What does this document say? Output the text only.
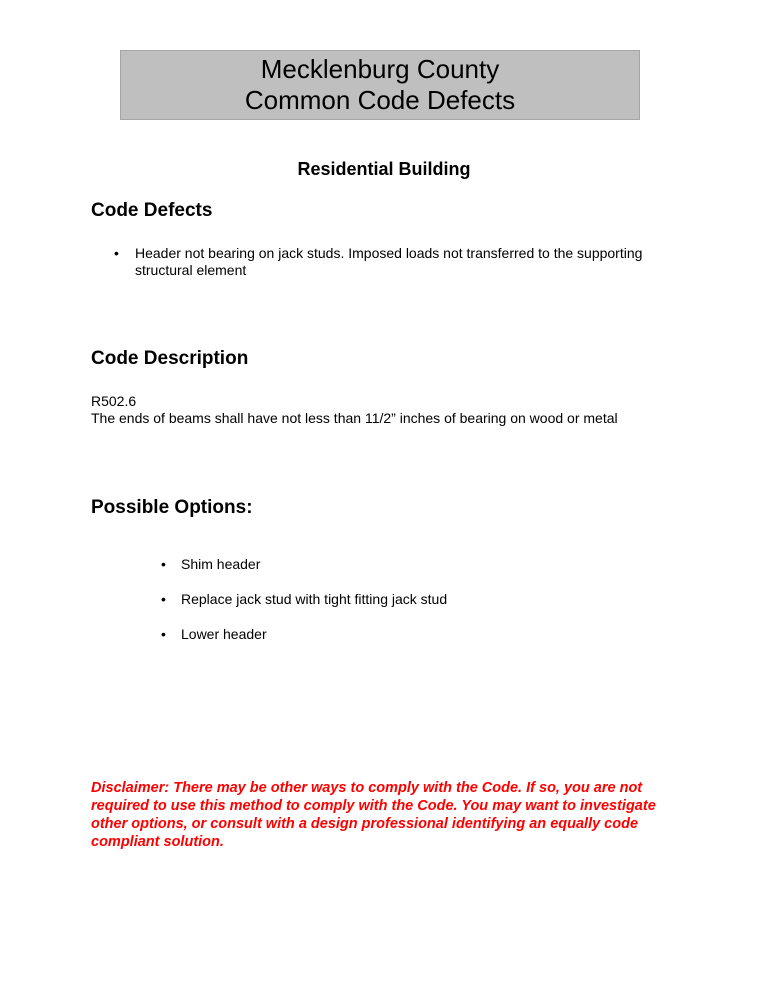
Mecklenburg County
Common Code Defects
Residential Building
Code Defects
• Header not bearing on jack studs. Imposed loads not transferred to the supporting structural element
Code Description
R502.6
The ends of beams shall have not less than 11/2” inches of bearing on wood or metal
Possible Options:
• Shim header
• Replace jack stud with tight fitting jack stud
• Lower header
Disclaimer: There may be other ways to comply with the Code. If so, you are not required to use this method to comply with the Code. You may want to investigate other options, or consult with a design professional identifying an equally code compliant solution.
